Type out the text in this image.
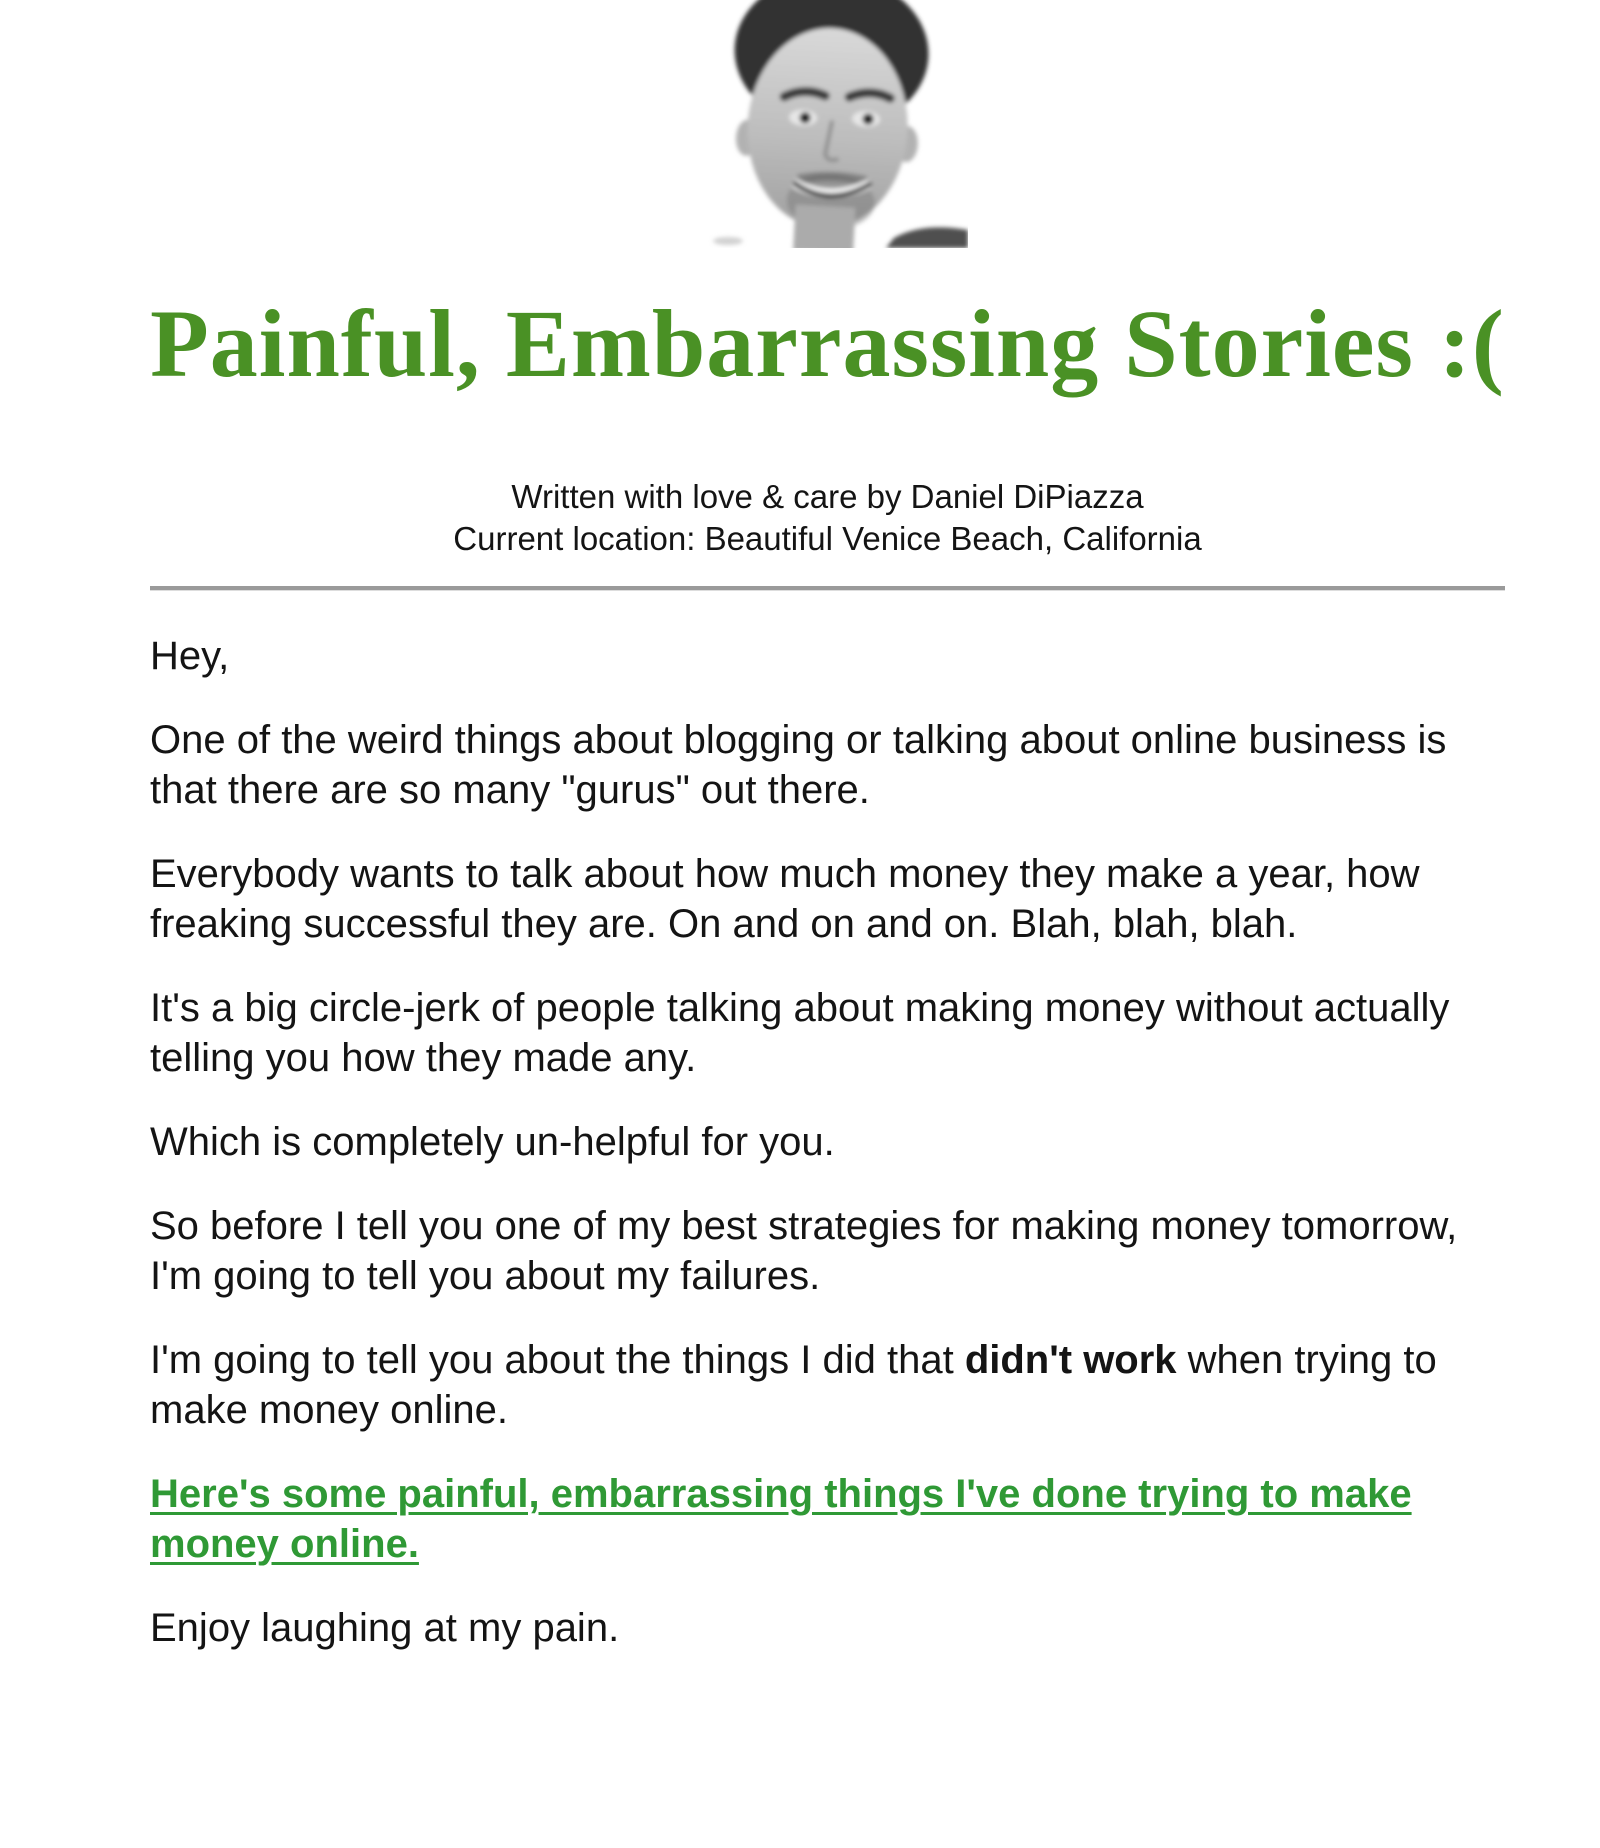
Painful, Embarrassing Stories :(
Written with love & care by Daniel DiPiazza
Current location: Beautiful Venice Beach, California

Hey,

One of the weird things about blogging or talking about online business is that there are so many "gurus" out there.

Everybody wants to talk about how much money they make a year, how freaking successful they are. On and on and on. Blah, blah, blah.

It's a big circle-jerk of people talking about making money without actually telling you how they made any.

Which is completely un-helpful for you.

So before I tell you one of my best strategies for making money tomorrow, I'm going to tell you about my failures.

I'm going to tell you about the things I did that didn't work when trying to make money online.

Here's some painful, embarrassing things I've done trying to make money online.

Enjoy laughing at my pain.
